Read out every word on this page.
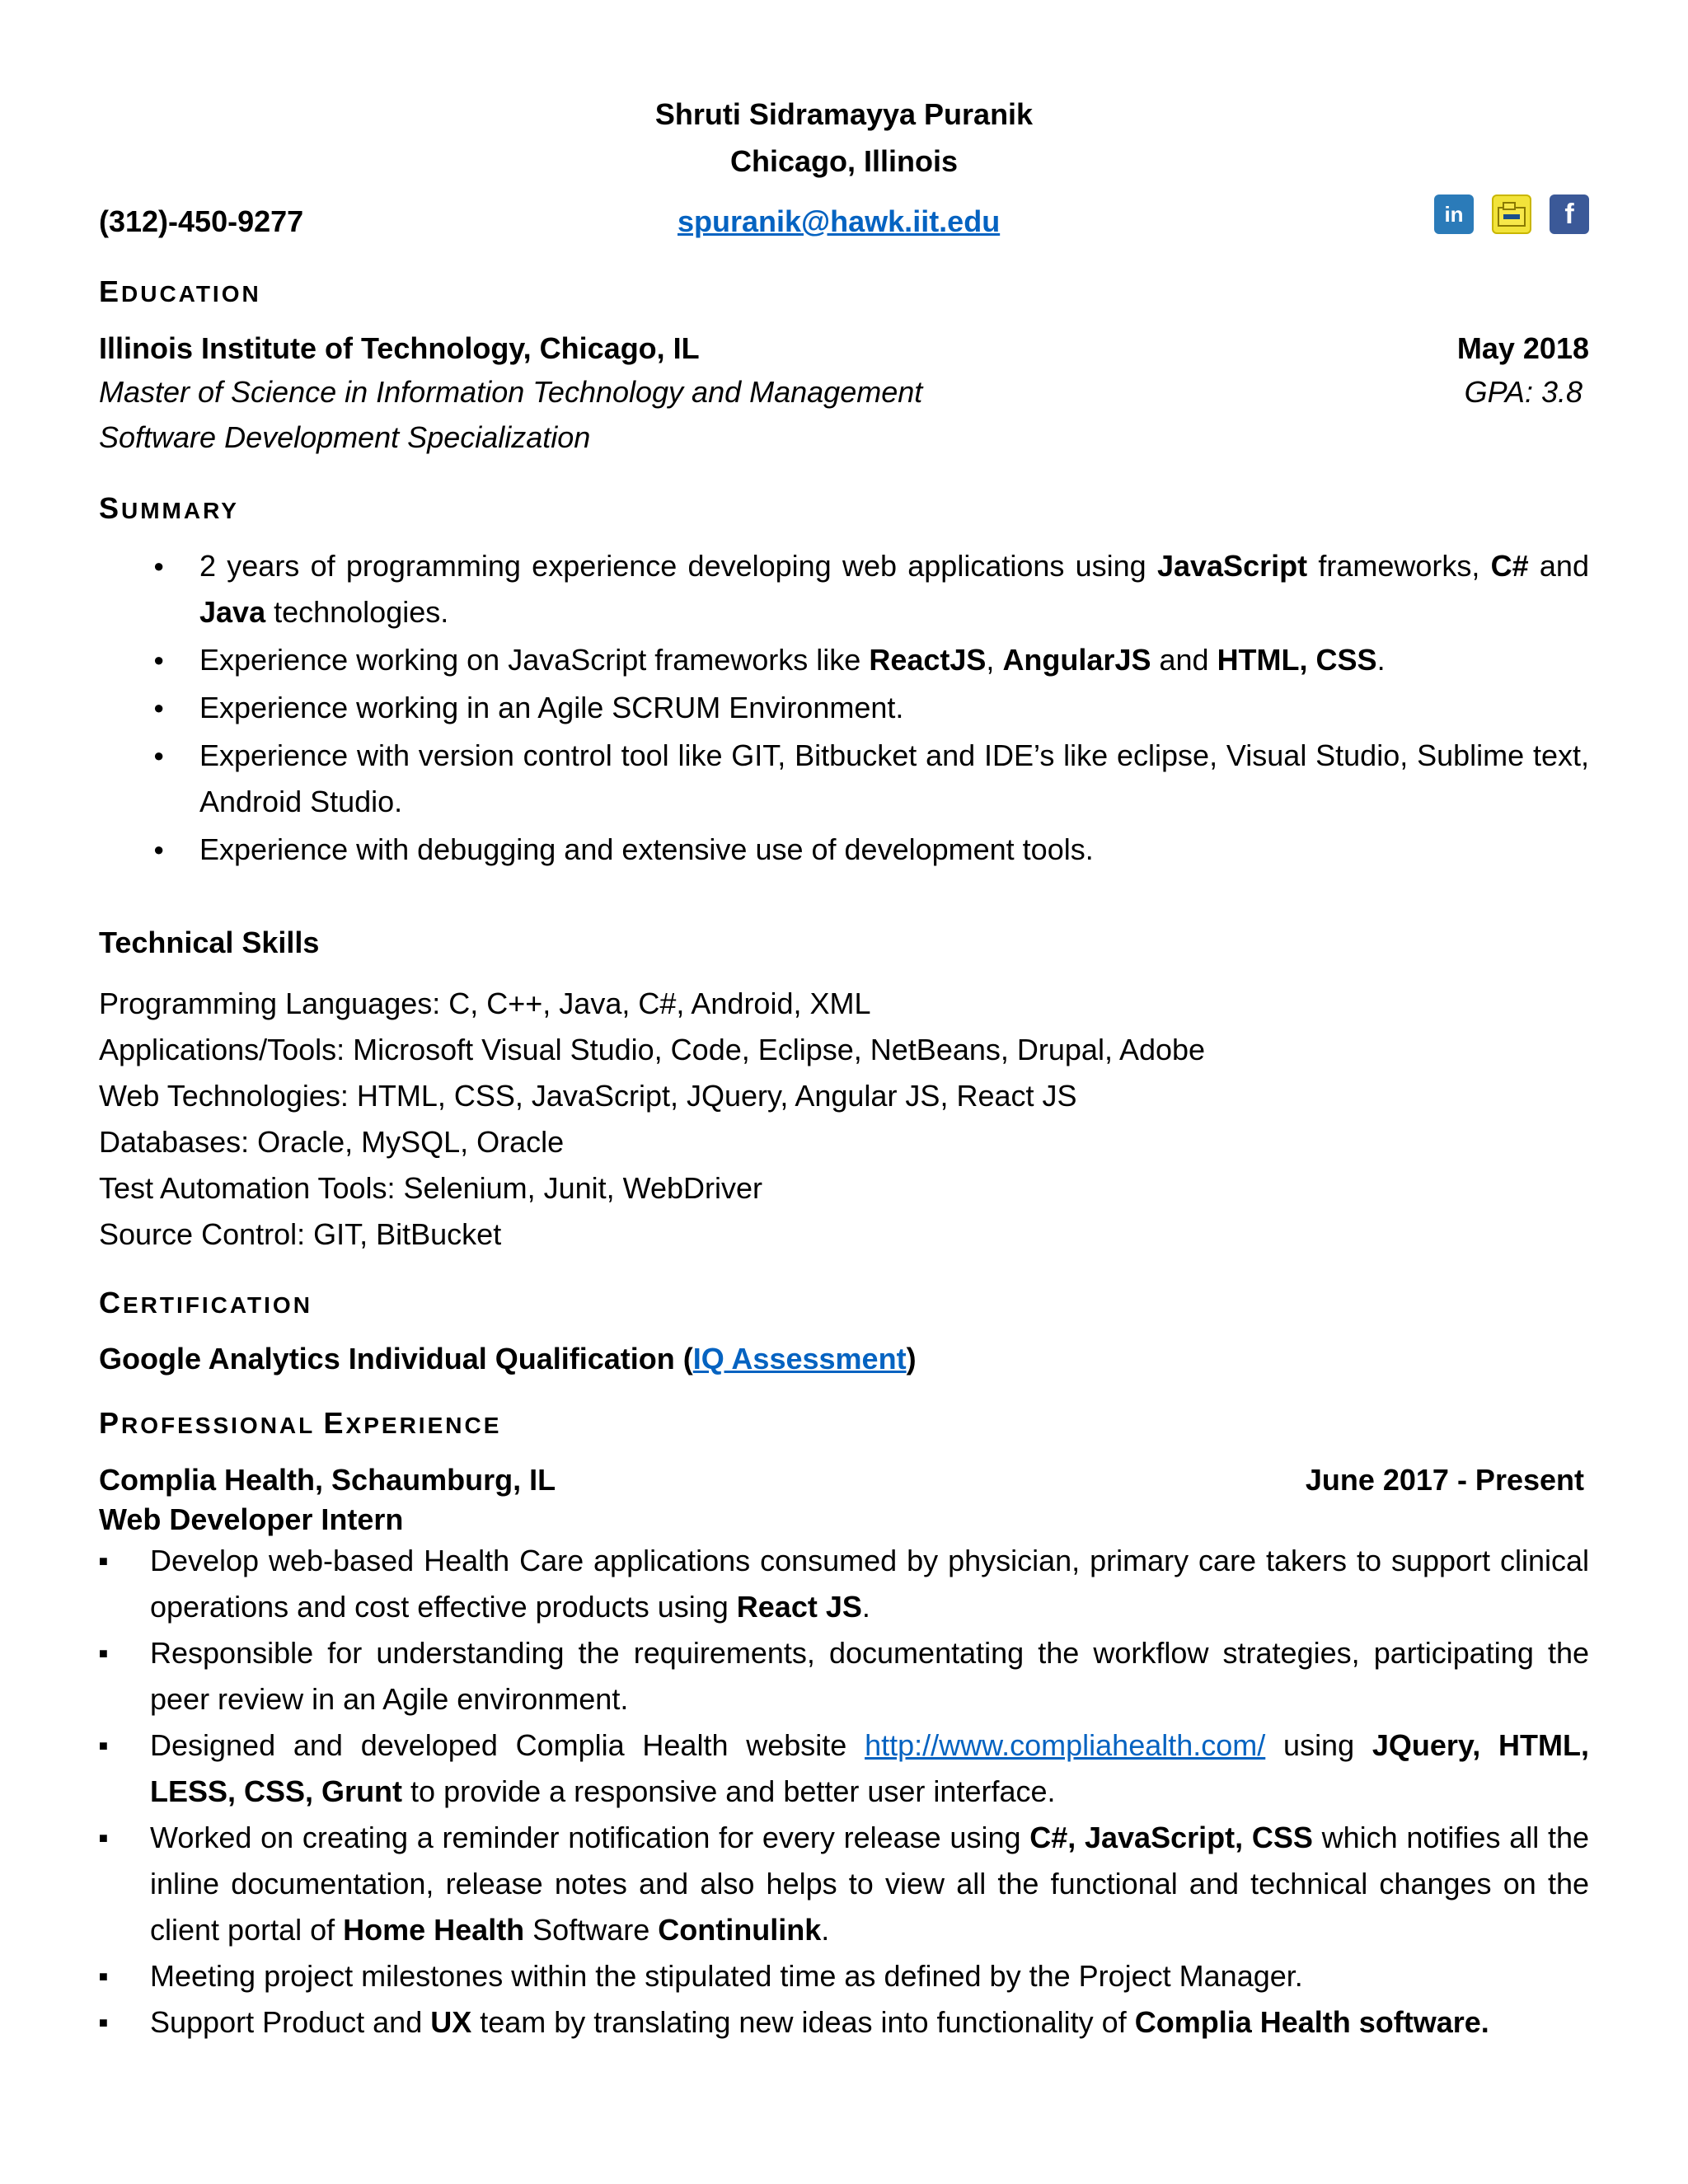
Shruti Sidramayya Puranik
Chicago, Illinois
(312)-450-9277	spuranik@hawk.iit.edu	in	f
EDUCATION
Illinois Institute of Technology, Chicago, IL	May 2018
Master of Science in Information Technology and Management	GPA: 3.8
Software Development Specialization
SUMMARY
● 2 years of programming experience developing web applications using JavaScript frameworks, C# and Java technologies.
● Experience working on JavaScript frameworks like ReactJS, AngularJS and HTML, CSS.
● Experience working in an Agile SCRUM Environment.
● Experience with version control tool like GIT, Bitbucket and IDE’s like eclipse, Visual Studio, Sublime text, Android Studio.
● Experience with debugging and extensive use of development tools.
Technical Skills
Programming Languages: C, C++, Java, C#, Android, XML
Applications/Tools: Microsoft Visual Studio, Code, Eclipse, NetBeans, Drupal, Adobe
Web Technologies: HTML, CSS, JavaScript, JQuery, Angular JS, React JS
Databases: Oracle, MySQL, Oracle
Test Automation Tools: Selenium, Junit, WebDriver
Source Control: GIT, BitBucket
CERTIFICATION
Google Analytics Individual Qualification (IQ Assessment)
PROFESSIONAL EXPERIENCE
Complia Health, Schaumburg, IL	June 2017 - Present
Web Developer Intern
■ Develop web-based Health Care applications consumed by physician, primary care takers to support clinical operations and cost effective products using React JS.
■ Responsible for understanding the requirements, documentating the workflow strategies, participating the peer review in an Agile environment.
■ Designed and developed Complia Health website http://www.compliahealth.com/ using JQuery, HTML, LESS, CSS, Grunt to provide a responsive and better user interface.
■ Worked on creating a reminder notification for every release using C#, JavaScript, CSS which notifies all the inline documentation, release notes and also helps to view all the functional and technical changes on the client portal of Home Health Software Continulink.
■ Meeting project milestones within the stipulated time as defined by the Project Manager.
■ Support Product and UX team by translating new ideas into functionality of Complia Health software.
